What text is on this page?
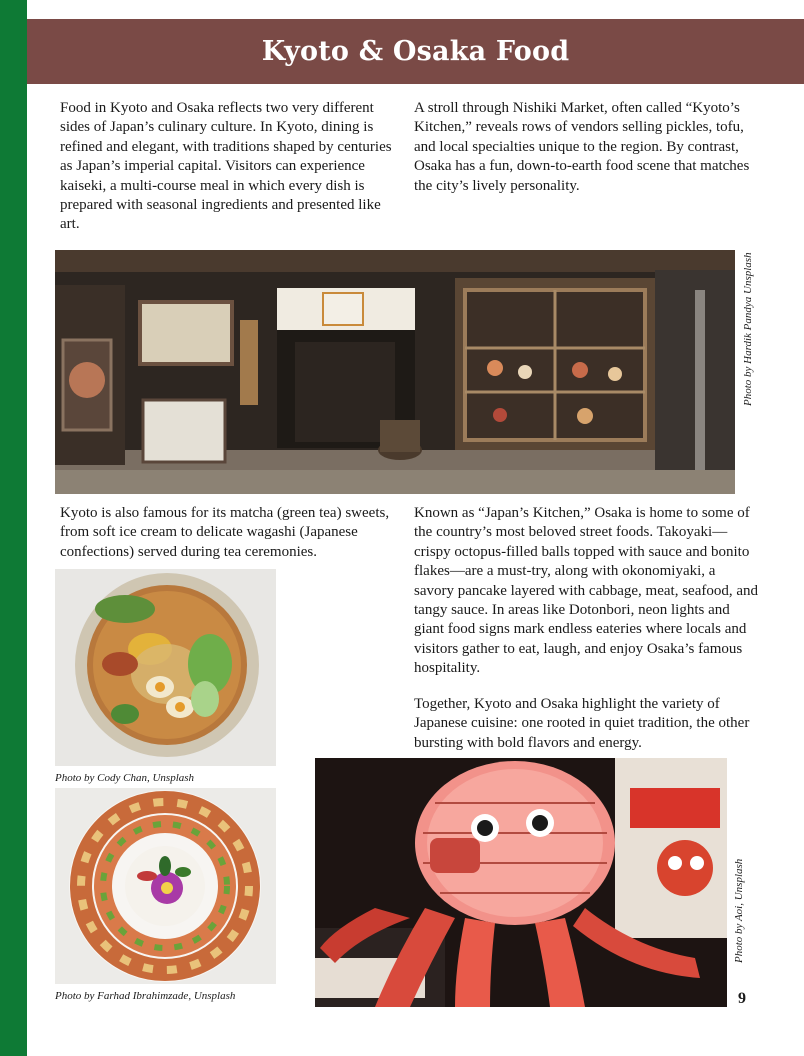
Kyoto & Osaka Food

Food in Kyoto and Osaka reflects two very different sides of Japan’s culinary culture. In Kyoto, dining is refined and elegant, with traditions shaped by centuries as Japan’s imperial capital. Visitors can experience kaiseki, a multi-course meal in which every dish is prepared with seasonal ingredients and presented like art.

A stroll through Nishiki Market, often called “Kyoto’s Kitchen,” reveals rows of vendors selling pickles, tofu, and local specialties unique to the region. By contrast, Osaka has a fun, down-to-earth food scene that matches the city’s lively personality.

Photo by Hardik Pandya Unsplash

Kyoto is also famous for its matcha (green tea) sweets, from soft ice cream to delicate wagashi (Japanese confections) served during tea ceremonies.

Known as “Japan’s Kitchen,” Osaka is home to some of the country’s most beloved street foods. Takoyaki—crispy octopus-filled balls topped with sauce and bonito flakes—are a must-try, along with okonomiyaki, a savory pancake layered with cabbage, meat, seafood, and tangy sauce. In areas like Dotonbori, neon lights and giant food signs mark endless eateries where locals and visitors gather to eat, laugh, and enjoy Osaka’s famous hospitality.

Together, Kyoto and Osaka highlight the variety of Japanese cuisine: one rooted in quiet tradition, the other bursting with bold flavors and energy.

Photo by Cody Chan, Unsplash

Photo by Farhad Ibrahimzade, Unsplash

Photo by Aoi, Unsplash

9
